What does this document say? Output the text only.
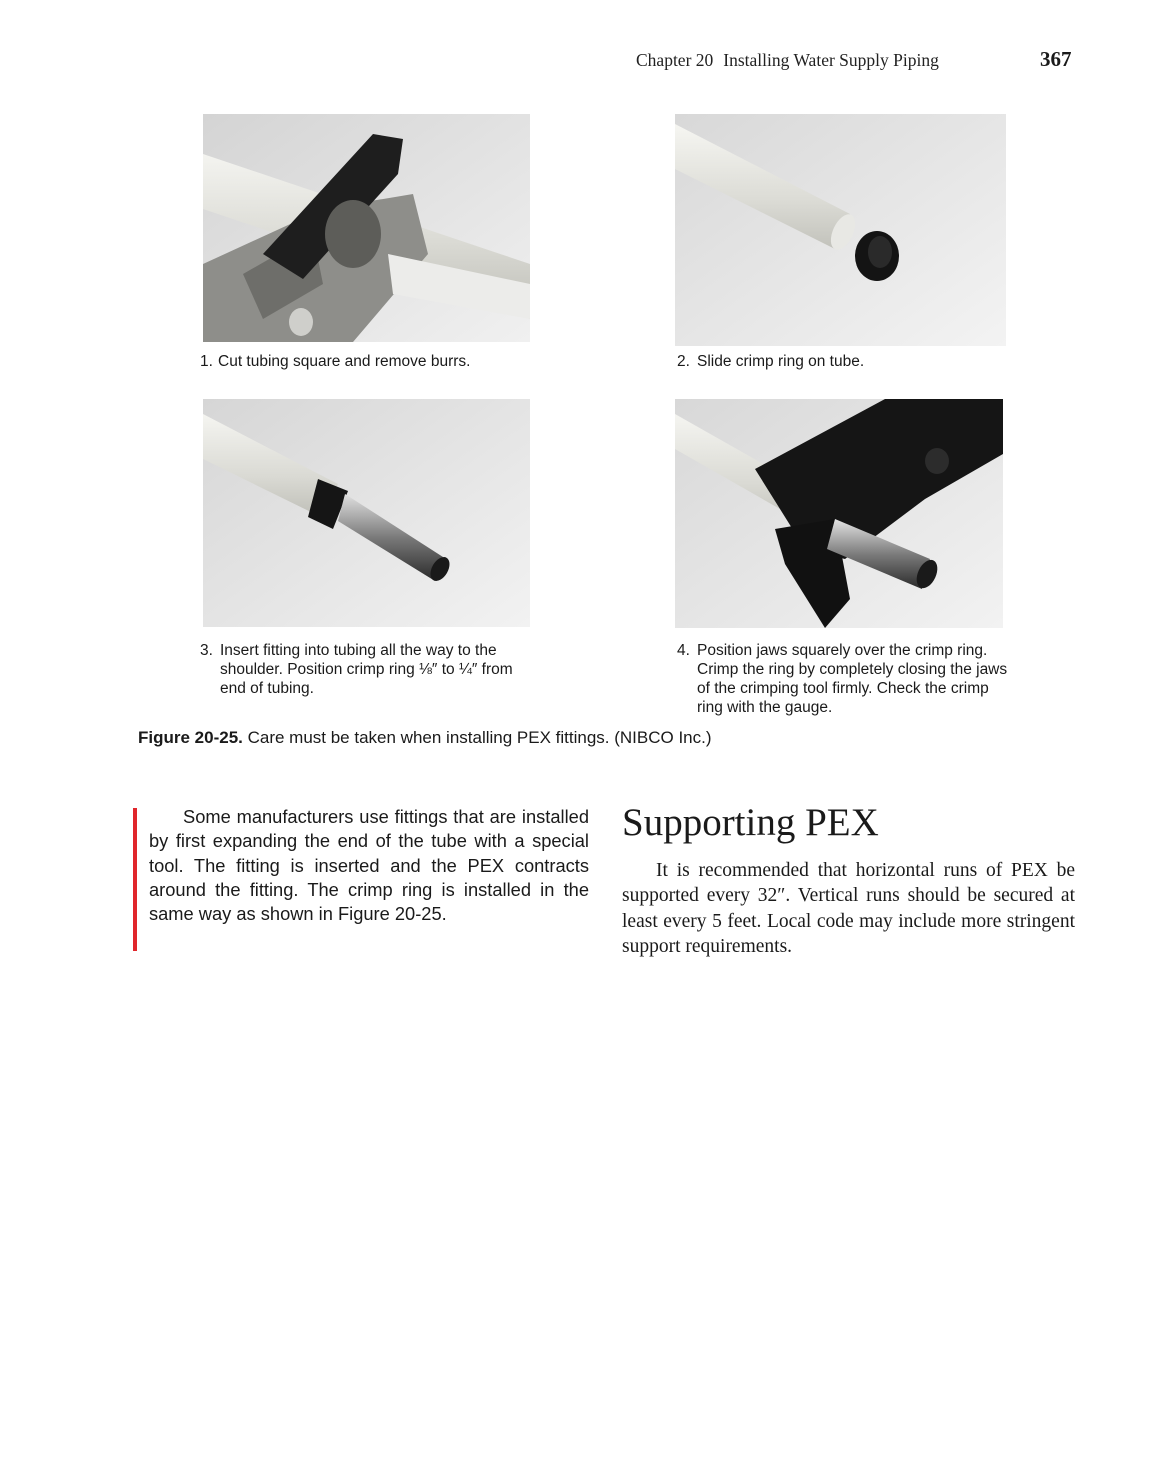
Chapter 20 Installing Water Supply Piping	367
1. Cut tubing square and remove burrs.	2. Slide crimp ring on tube.
3. Insert fitting into tubing all the way to the shoulder. Position crimp ring ⅛″ to ¼″ from end of tubing.
4. Position jaws squarely over the crimp ring. Crimp the ring by completely closing the jaws of the crimping tool firmly. Check the crimp ring with the gauge.
Figure 20-25. Care must be taken when installing PEX fittings. (NIBCO Inc.)

Some manufacturers use fittings that are installed by first expanding the end of the tube with a special tool. The fitting is inserted and the PEX contracts around the fitting. The crimp ring is installed in the same way as shown in Figure 20-25.

Supporting PEX

It is recommended that horizontal runs of PEX be supported every 32″. Vertical runs should be secured at least every 5 feet. Local code may include more stringent support requirements.
